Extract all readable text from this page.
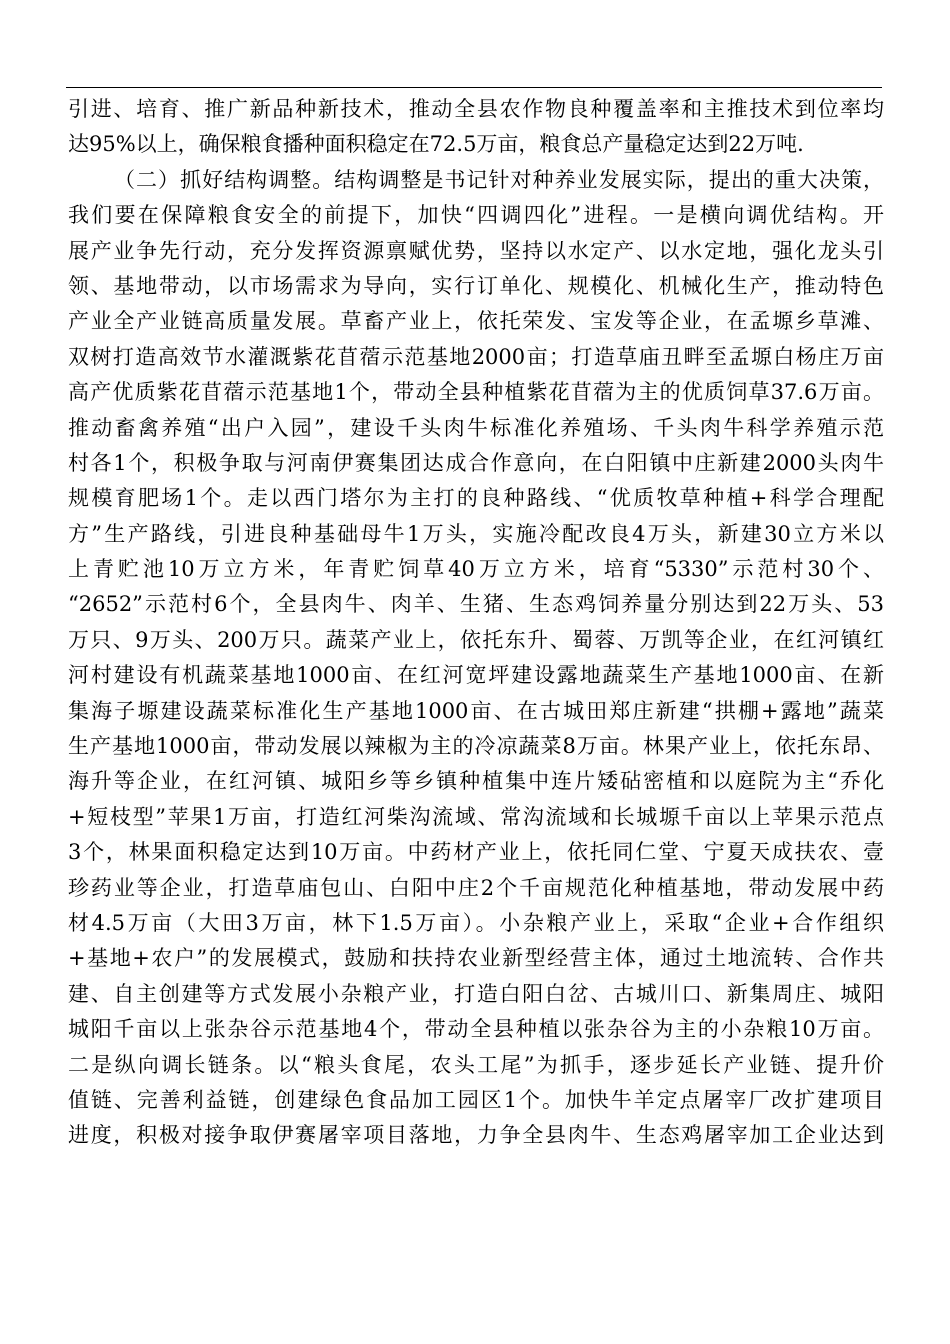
引进、培育、推广新品种新技术，推动全县农作物良种覆盖率和主推技术到位率均
达95%以上，确保粮食播种面积稳定在72.5万亩，粮食总产量稳定达到22万吨.
（二）抓好结构调整。结构调整是书记针对种养业发展实际，提出的重大决策，
我们要在保障粮食安全的前提下，加快“四调四化”进程。一是横向调优结构。开
展产业争先行动，充分发挥资源禀赋优势，坚持以水定产、以水定地，强化龙头引
领、基地带动，以市场需求为导向，实行订单化、规模化、机械化生产，推动特色
产业全产业链高质量发展。草畜产业上，依托荣发、宝发等企业，在孟塬乡草滩、
双树打造高效节水灌溉紫花苜蓿示范基地2000亩；打造草庙丑畔至孟塬白杨庄万亩
高产优质紫花苜蓿示范基地1个，带动全县种植紫花苜蓿为主的优质饲草37.6万亩。
推动畜禽养殖“出户入园”，建设千头肉牛标准化养殖场、千头肉牛科学养殖示范
村各1个，积极争取与河南伊赛集团达成合作意向，在白阳镇中庄新建2000头肉牛
规模育肥场1个。走以西门塔尔为主打的良种路线、“优质牧草种植+科学合理配
方”生产路线，引进良种基础母牛1万头，实施冷配改良4万头，新建30立方米以
上青贮池10万立方米，年青贮饲草40万立方米，培育“5330”示范村30个、
“2652”示范村6个，全县肉牛、肉羊、生猪、生态鸡饲养量分别达到22万头、53
万只、9万头、200万只。蔬菜产业上，依托东升、蜀蓉、万凯等企业，在红河镇红
河村建设有机蔬菜基地1000亩、在红河宽坪建设露地蔬菜生产基地1000亩、在新
集海子塬建设蔬菜标准化生产基地1000亩、在古城田郑庄新建“拱棚+露地”蔬菜
生产基地1000亩，带动发展以辣椒为主的冷凉蔬菜8万亩。林果产业上，依托东昂、
海升等企业，在红河镇、城阳乡等乡镇种植集中连片矮砧密植和以庭院为主“乔化
+短枝型”苹果1万亩，打造红河柴沟流域、常沟流域和长城塬千亩以上苹果示范点
3个，林果面积稳定达到10万亩。中药材产业上，依托同仁堂、宁夏天成扶农、壹
珍药业等企业，打造草庙包山、白阳中庄2个千亩规范化种植基地，带动发展中药
材4.5万亩（大田3万亩，林下1.5万亩）。小杂粮产业上，采取“企业+合作组织
+基地+农户”的发展模式，鼓励和扶持农业新型经营主体，通过土地流转、合作共
建、自主创建等方式发展小杂粮产业，打造白阳白岔、古城川口、新集周庄、城阳
城阳千亩以上张杂谷示范基地4个，带动全县种植以张杂谷为主的小杂粮10万亩。
二是纵向调长链条。以“粮头食尾，农头工尾”为抓手，逐步延长产业链、提升价
值链、完善利益链，创建绿色食品加工园区1个。加快牛羊定点屠宰厂改扩建项目
进度，积极对接争取伊赛屠宰项目落地，力争全县肉牛、生态鸡屠宰加工企业达到
